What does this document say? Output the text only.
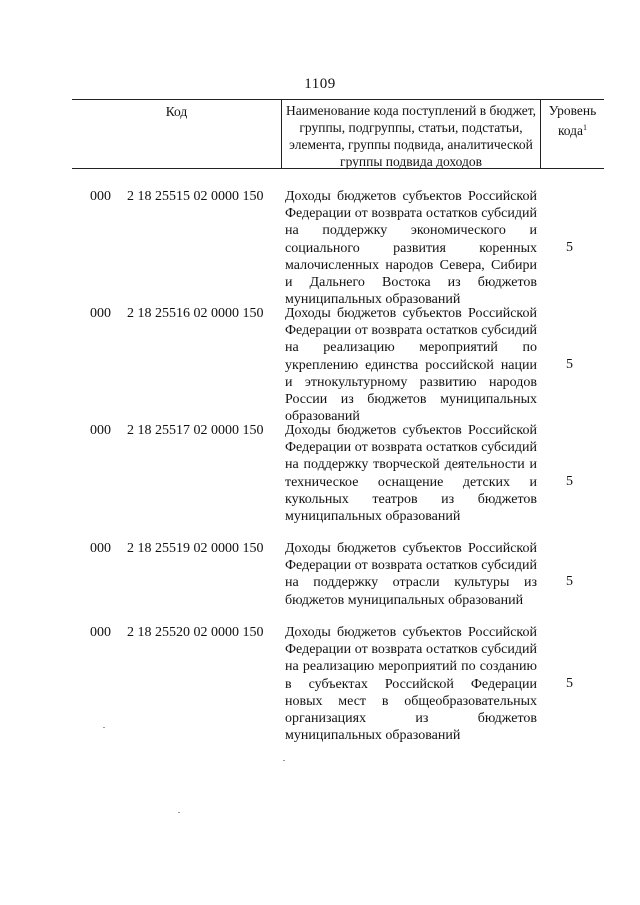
1109
Код	Наименование кода поступлений в бюджет, группы, подгруппы, статьи, подстатьи, элемента, группы подвида, аналитической группы подвида доходов
Уровень кода$^1$
000 2 18 25515 02 0000 150 Доходы бюджетов субъектов Российской Федерации от возврата остатков субсидий на поддержку экономического и социального развития коренных малочисленных народов Севера, Сибири и Дальнего Востока из бюджетов муниципальных образований
5
000 2 18 25516 02 0000 150 Доходы бюджетов субъектов Российской Федерации от возврата остатков субсидий на реализацию мероприятий по укреплению единства российской нации и этнокультурному развитию народов России из бюджетов муниципальных образований
5
000 2 18 25517 02 0000 150 Доходы бюджетов субъектов Российской Федерации от возврата остатков субсидий на поддержку творческой деятельности и техническое оснащение детских и кукольных театров из бюджетов муниципальных образований
5
000 2 18 25519 02 0000 150 Доходы бюджетов субъектов Российской Федерации от возврата остатков субсидий на поддержку отрасли культуры из бюджетов муниципальных образований
5
000 2 18 25520 02 0000 150 Доходы бюджетов субъектов Российской Федерации от возврата остатков субсидий на реализацию мероприятий по созданию в субъектах Российской Федерации новых мест в общеобразовательных организациях из бюджетов муниципальных образований
5
